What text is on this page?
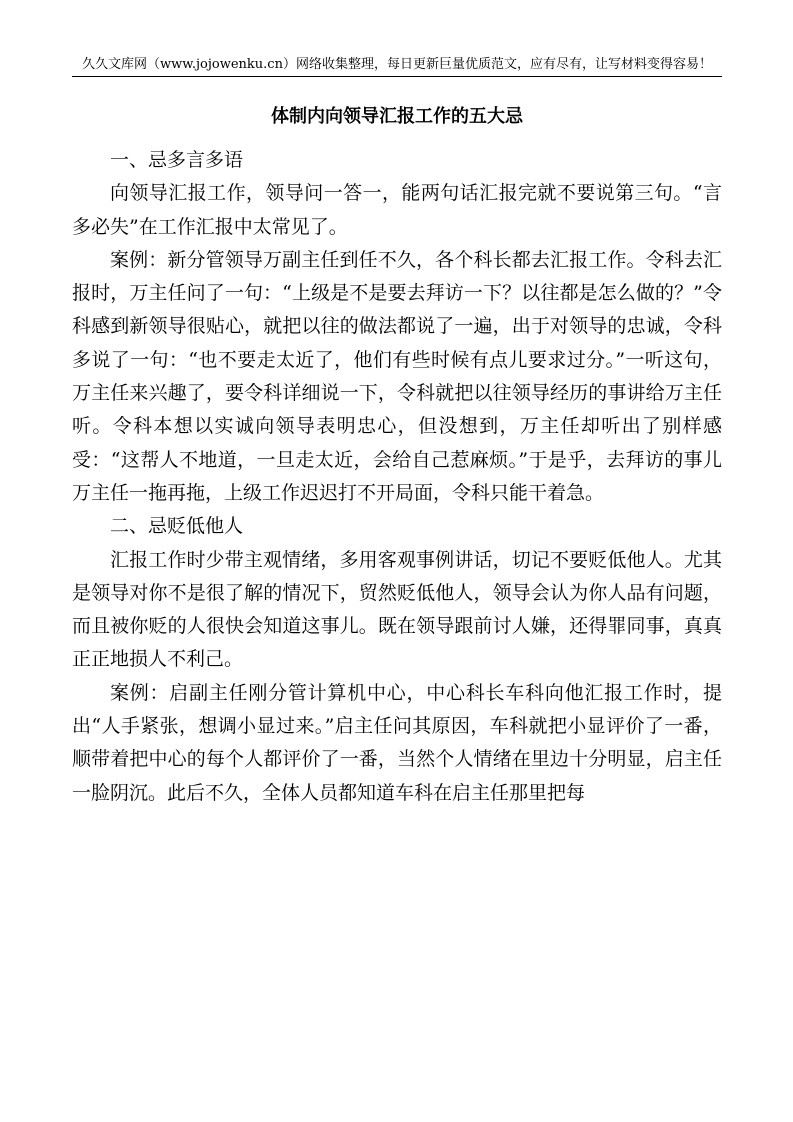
久久文库网（www.jojowenku.cn）网络收集整理，每日更新巨量优质范文，应有尽有，让写材料变得容易！
体制内向领导汇报工作的五大忌

一、忌多言多语

向领导汇报工作，领导问一答一，能两句话汇报完就不要说第三句。“言多必失”在工作汇报中太常见了。

案例：新分管领导万副主任到任不久，各个科长都去汇报工作。令科去汇报时，万主任问了一句：“上级是不是要去拜访一下？以往都是怎么做的？”令科感到新领导很贴心，就把以往的做法都说了一遍，出于对领导的忠诚，令科多说了一句：“也不要走太近了，他们有些时候有点儿要求过分。”一听这句，万主任来兴趣了，要令科详细说一下，令科就把以往领导经历的事讲给万主任听。令科本想以实诚向领导表明忠心，但没想到，万主任却听出了别样感受：“这帮人不地道，一旦走太近，会给自己惹麻烦。”于是乎，去拜访的事儿万主任一拖再拖，上级工作迟迟打不开局面，令科只能干着急。

二、忌贬低他人

汇报工作时少带主观情绪，多用客观事例讲话，切记不要贬低他人。尤其是领导对你不是很了解的情况下，贸然贬低他人，领导会认为你人品有问题，而且被你贬的人很快会知道这事儿。既在领导跟前讨人嫌，还得罪同事，真真正正地损人不利己。

案例：启副主任刚分管计算机中心，中心科长车科向他汇报工作时，提出“人手紧张，想调小显过来。”启主任问其原因，车科就把小显评价了一番，顺带着把中心的每个人都评价了一番，当然个人情绪在里边十分明显，启主任一脸阴沉。此后不久，全体人员都知道车科在启主任那里把每
